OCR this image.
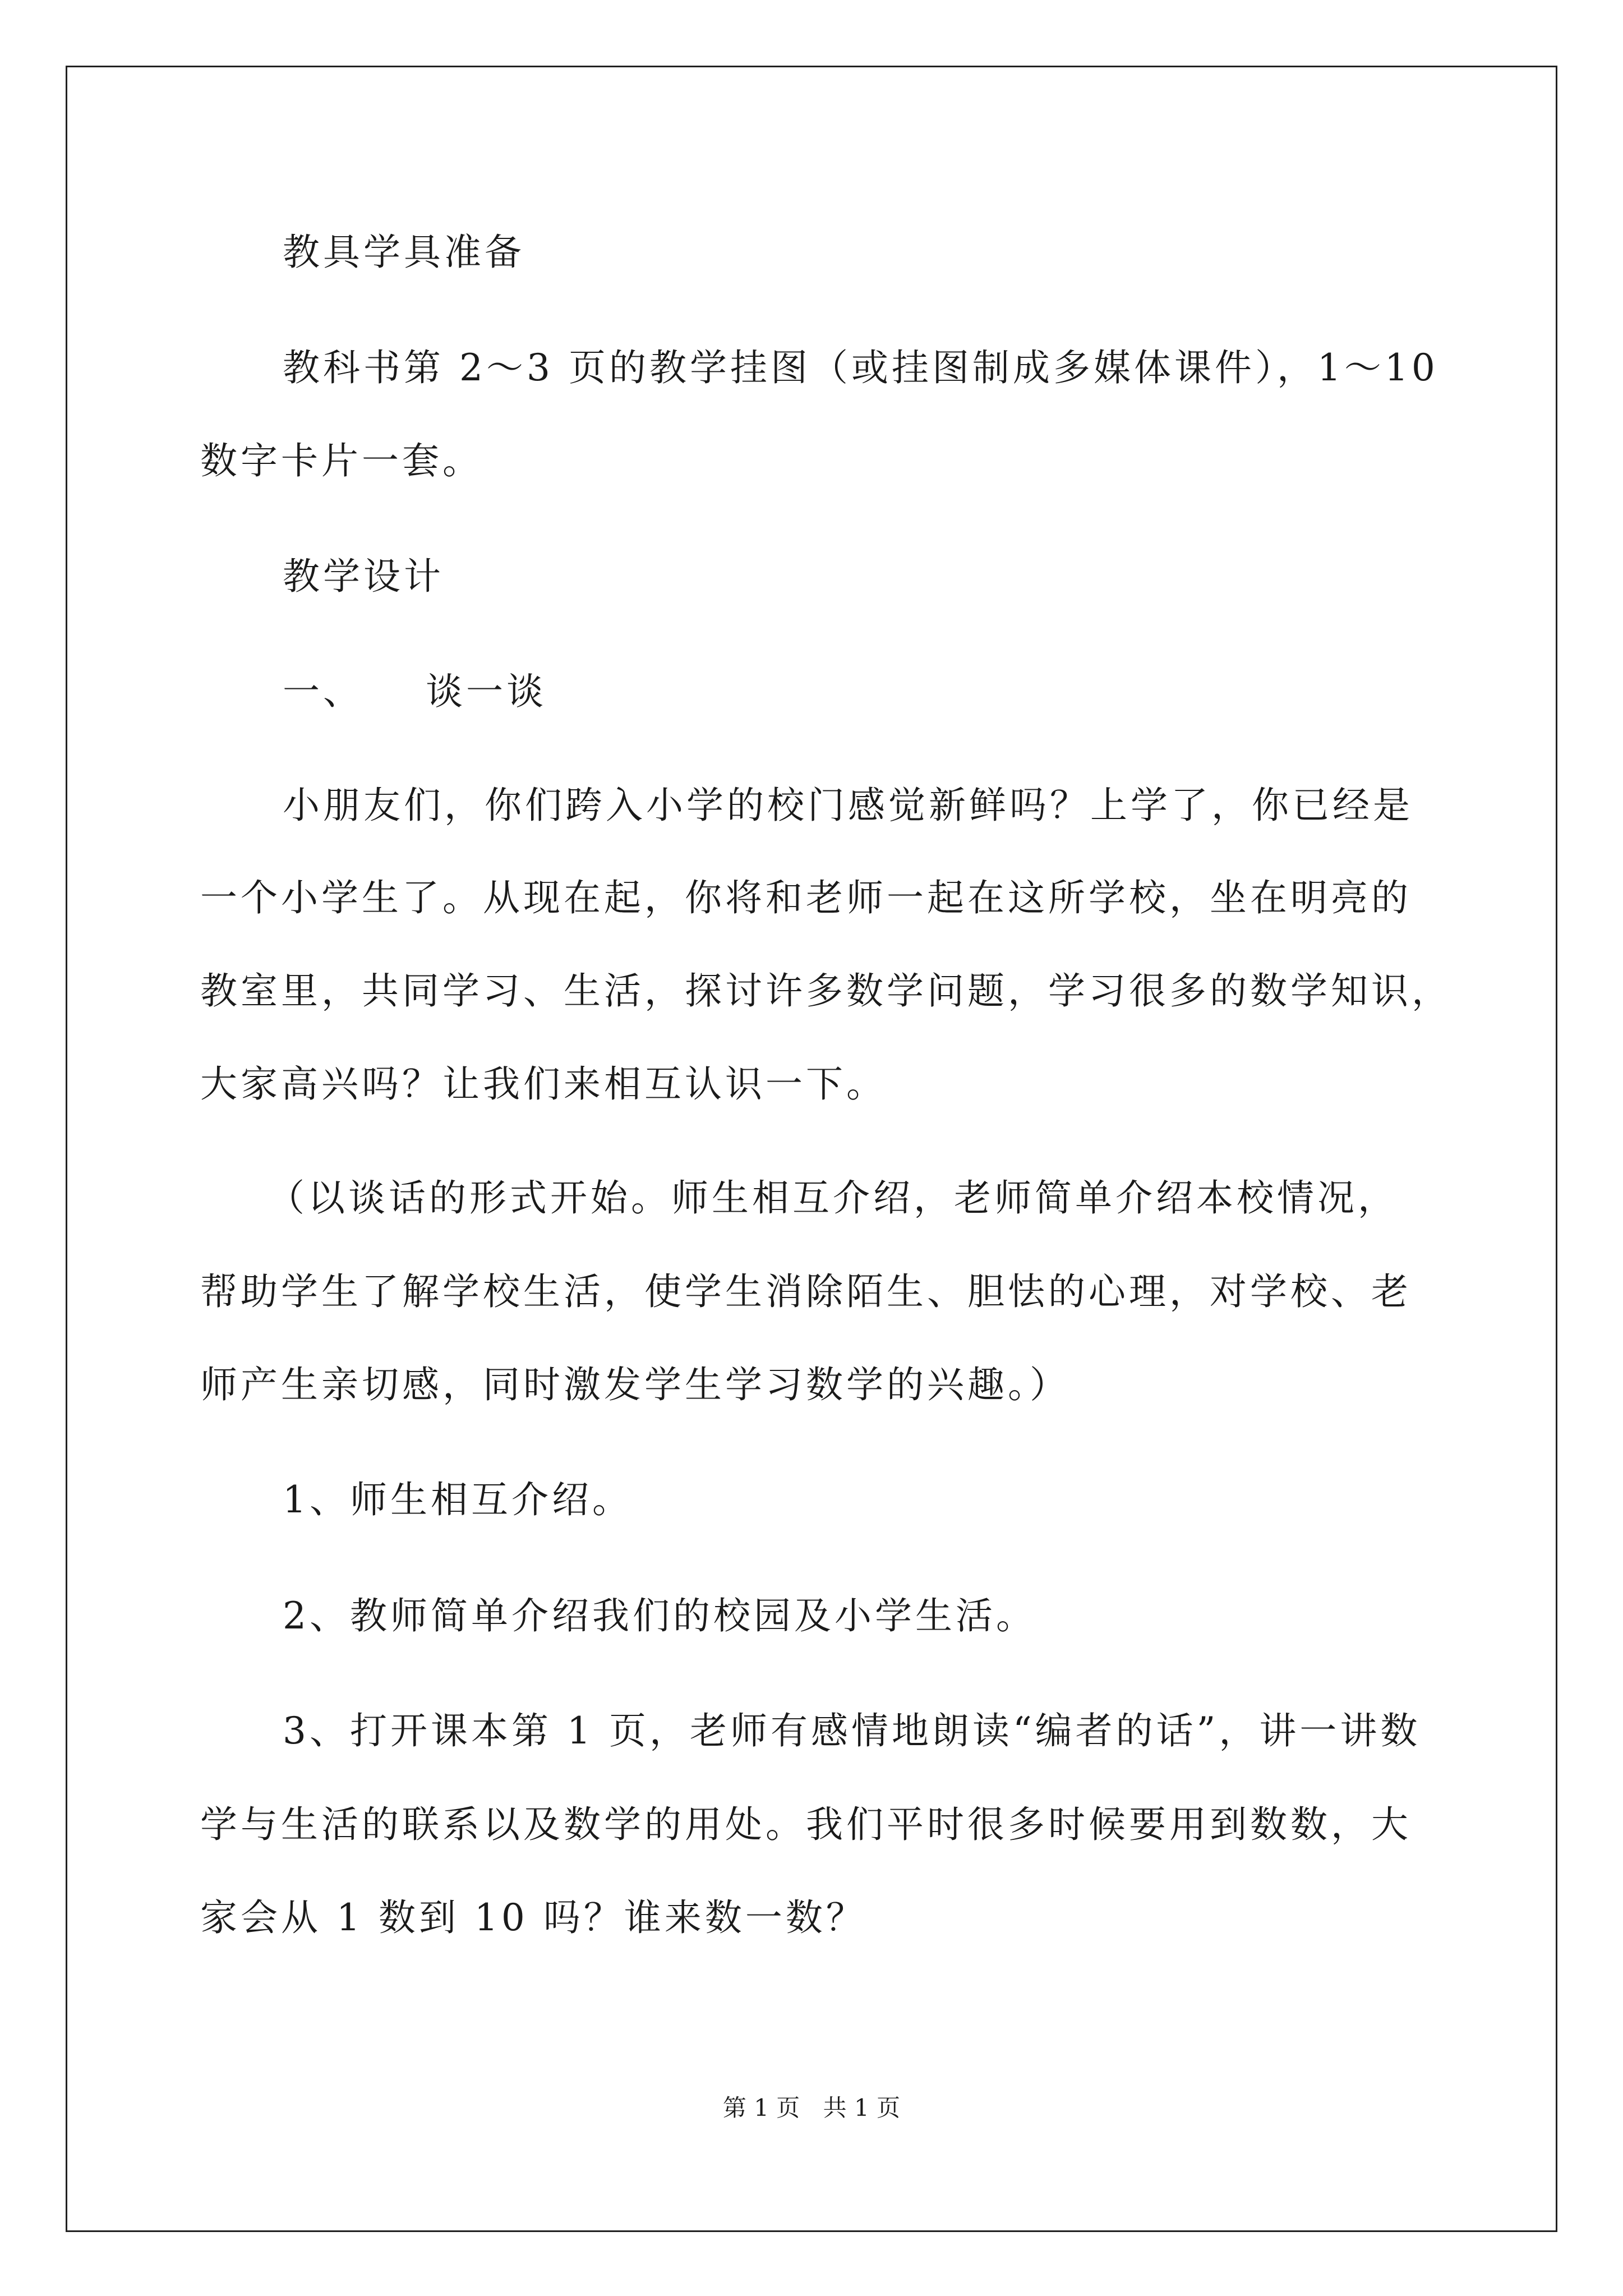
教具学具准备
教科书第 2～3 页的教学挂图（或挂图制成多媒体课件），1～10
数字卡片一套。
教学设计
一、　　谈一谈
小朋友们，你们跨入小学的校门感觉新鲜吗？上学了，你已经是
一个小学生了。从现在起，你将和老师一起在这所学校，坐在明亮的
教室里，共同学习、生活，探讨许多数学问题，学习很多的数学知识，
大家高兴吗？让我们来相互认识一下。
（以谈话的形式开始。师生相互介绍，老师简单介绍本校情况，
帮助学生了解学校生活，使学生消除陌生、胆怯的心理，对学校、老
师产生亲切感，同时激发学生学习数学的兴趣。）
1、师生相互介绍。
2、教师简单介绍我们的校园及小学生活。
3、打开课本第 1 页，老师有感情地朗读“编者的话”，讲一讲数
学与生活的联系以及数学的用处。我们平时很多时候要用到数数，大
家会从 1 数到 10 吗？谁来数一数？
第 1 页 共 1 页
